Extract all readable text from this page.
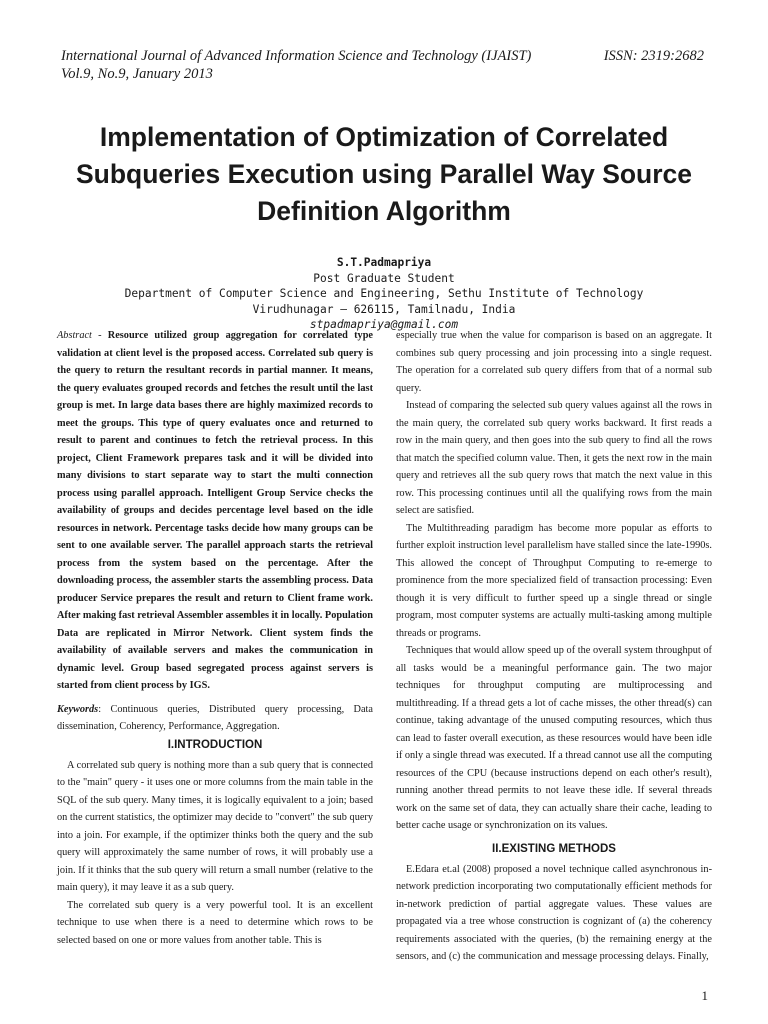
International Journal of Advanced Information Science and Technology (IJAIST)
Vol.9, No.9, January 2013
ISSN: 2319:2682
Implementation of Optimization of Correlated
Subqueries Execution using Parallel Way Source
Definition Algorithm
S.T.Padmapriya
Post Graduate Student
Department of Computer Science and Engineering, Sethu Institute of Technology
Virudhunagar – 626115, Tamilnadu, India
stpadmapriya@gmail.com

Abstract - Resource utilized group aggregation for correlated type validation at client level is the proposed access. Correlated sub query is the query to return the resultant records in partial manner. It means, the query evaluates grouped records and fetches the result until the last group is met. In large data bases there are highly maximized records to meet the groups. This type of query evaluates once and returned to result to parent and continues to fetch the retrieval process. In this project, Client Framework prepares task and it will be divided into many divisions to start separate way to start the multi connection process using parallel approach. Intelligent Group Service checks the availability of groups and decides percentage level based on the idle resources in network. Percentage tasks decide how many groups can be sent to one available server. The parallel approach starts the retrieval process from the system based on the percentage. After the downloading process, the assembler starts the assembling process. Data producer Service prepares the result and return to Client frame work. After making fast retrieval Assembler assembles it in locally. Population Data are replicated in Mirror Network. Client system finds the availability of available servers and makes the communication in dynamic level. Group based segregated process against servers is started from client process by IGS.

Keywords: Continuous queries, Distributed query processing, Data dissemination, Coherency, Performance, Aggregation.

I.INTRODUCTION

A correlated sub query is nothing more than a sub query that is connected to the "main" query - it uses one or more columns from the main table in the SQL of the sub query. Many times, it is logically equivalent to a join; based on the current statistics, the optimizer may decide to "convert" the sub query into a join. For example, if the optimizer thinks both the query and the sub query will approximately the same number of rows, it will probably use a join. If it thinks that the sub query will return a small number (relative to the main query), it may leave it as a sub query.

The correlated sub query is a very powerful tool. It is an excellent technique to use when there is a need to determine which rows to be selected based on one or more values from another table. This is

especially true when the value for comparison is based on an aggregate. It combines sub query processing and join processing into a single request. The operation for a correlated sub query differs from that of a normal sub query.

Instead of comparing the selected sub query values against all the rows in the main query, the correlated sub query works backward. It first reads a row in the main query, and then goes into the sub query to find all the rows that match the specified column value. Then, it gets the next row in the main query and retrieves all the sub query rows that match the next value in this row. This processing continues until all the qualifying rows from the main select are satisfied.

The Multithreading paradigm has become more popular as efforts to further exploit instruction level parallelism have stalled since the late-1990s. This allowed the concept of Throughput Computing to re-emerge to prominence from the more specialized field of transaction processing: Even though it is very difficult to further speed up a single thread or single program, most computer systems are actually multi-tasking among multiple threads or programs.

Techniques that would allow speed up of the overall system throughput of all tasks would be a meaningful performance gain. The two major techniques for throughput computing are multiprocessing and multithreading. If a thread gets a lot of cache misses, the other thread(s) can continue, taking advantage of the unused computing resources, which thus can lead to faster overall execution, as these resources would have been idle if only a single thread was executed. If a thread cannot use all the computing resources of the CPU (because instructions depend on each other's result), running another thread permits to not leave these idle. If several threads work on the same set of data, they can actually share their cache, leading to better cache usage or synchronization on its values.

II.EXISTING METHODS

E.Edara et.al (2008) proposed a novel technique called asynchronous in-network prediction incorporating two computationally efficient methods for in-network prediction of partial aggregate values. These values are propagated via a tree whose construction is cognizant of (a) the coherency requirements associated with the queries, (b) the remaining energy at the sensors, and (c) the communication and message processing delays. Finally,

1
